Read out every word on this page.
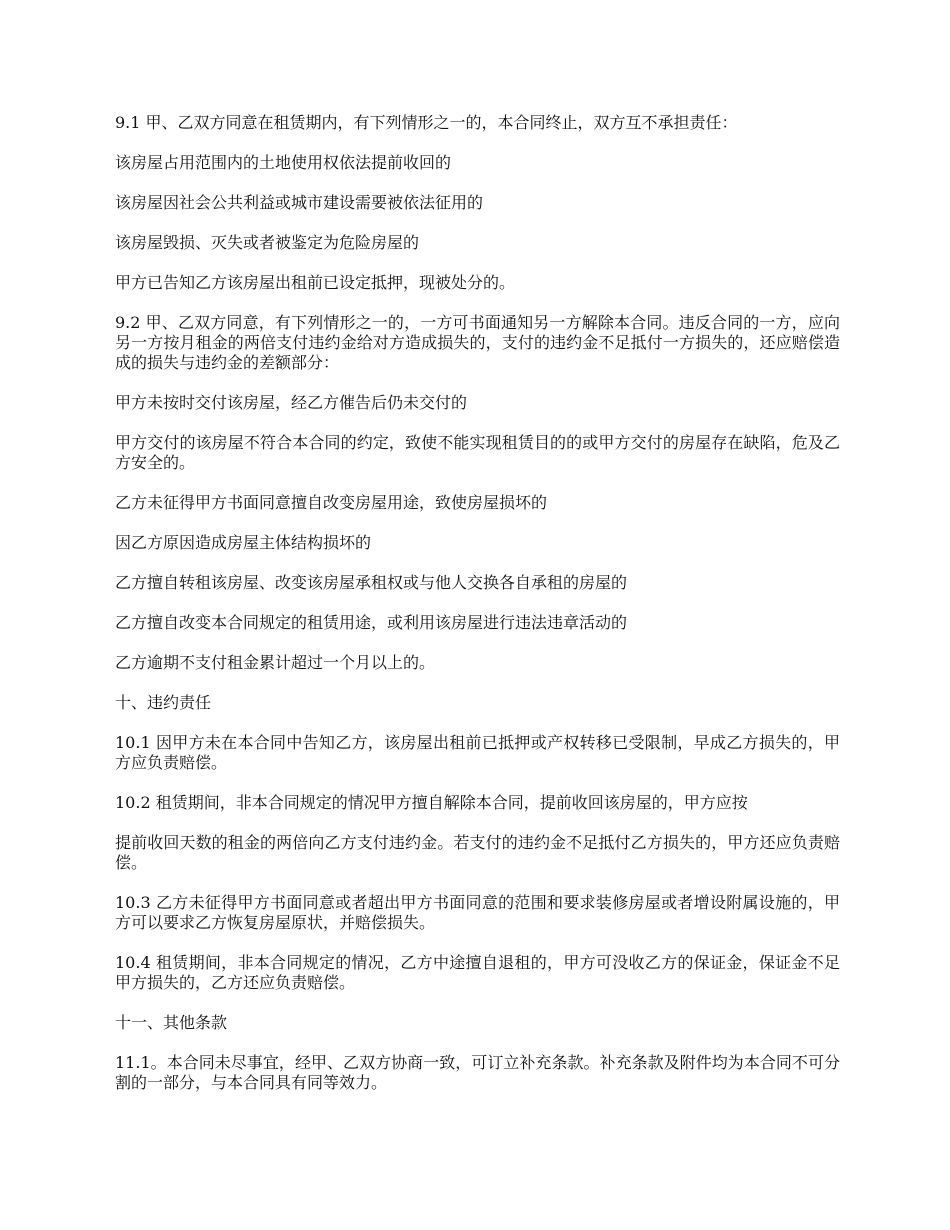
9.1 甲、乙双方同意在租赁期内，有下列情形之一的，本合同终止，双方互不承担责任：

该房屋占用范围内的土地使用权依法提前收回的

该房屋因社会公共利益或城市建设需要被依法征用的

该房屋毁损、灭失或者被鉴定为危险房屋的

甲方已告知乙方该房屋出租前已设定抵押，现被处分的。

9.2 甲、乙双方同意，有下列情形之一的，一方可书面通知另一方解除本合同。违反合同的一方，应向另一方按月租金的两倍支付违约金给对方造成损失的，支付的违约金不足抵付一方损失的，还应赔偿造成的损失与违约金的差额部分：

甲方未按时交付该房屋，经乙方催告后仍未交付的

甲方交付的该房屋不符合本合同的约定，致使不能实现租赁目的的或甲方交付的房屋存在缺陷，危及乙方安全的。

乙方未征得甲方书面同意擅自改变房屋用途，致使房屋损坏的

因乙方原因造成房屋主体结构损坏的

乙方擅自转租该房屋、改变该房屋承租权或与他人交换各自承租的房屋的

乙方擅自改变本合同规定的租赁用途，或利用该房屋进行违法违章活动的

乙方逾期不支付租金累计超过一个月以上的。

十、违约责任

10.1 因甲方未在本合同中告知乙方，该房屋出租前已抵押或产权转移已受限制，早成乙方损失的，甲方应负责赔偿。

10.2 租赁期间，非本合同规定的情况甲方擅自解除本合同，提前收回该房屋的，甲方应按

提前收回天数的租金的两倍向乙方支付违约金。若支付的违约金不足抵付乙方损失的，甲方还应负责赔偿。

10.3 乙方未征得甲方书面同意或者超出甲方书面同意的范围和要求装修房屋或者增设附属设施的，甲方可以要求乙方恢复房屋原状，并赔偿损失。

10.4 租赁期间，非本合同规定的情况，乙方中途擅自退租的，甲方可没收乙方的保证金，保证金不足甲方损失的，乙方还应负责赔偿。

十一、其他条款

11.1。本合同未尽事宜，经甲、乙双方协商一致，可订立补充条款。补充条款及附件均为本合同不可分割的一部分，与本合同具有同等效力。
